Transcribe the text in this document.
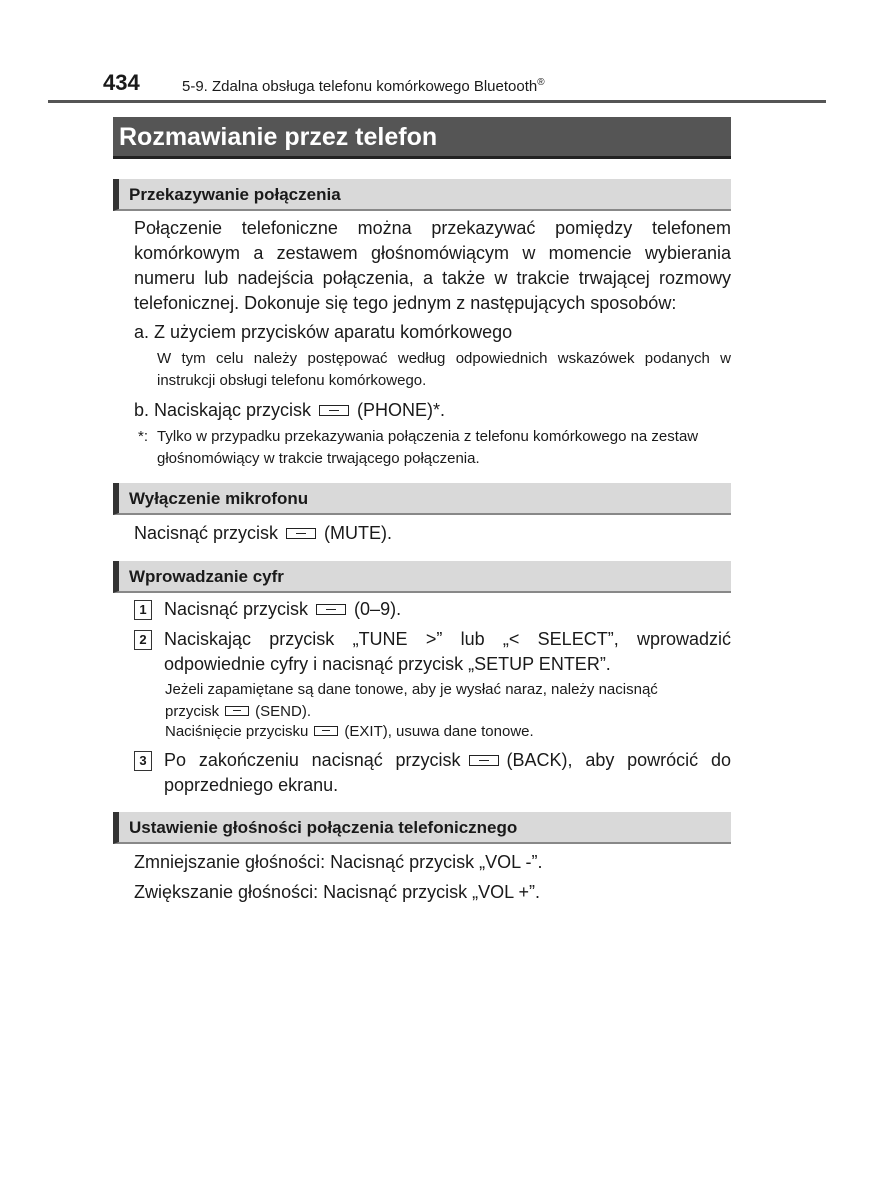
434	5-9. Zdalna obsługa telefonu komórkowego Bluetooth®
Rozmawianie przez telefon
Przekazywanie połączenia
Połączenie telefoniczne można przekazywać pomiędzy telefonem komórkowym a zestawem głośnomówiącym w momencie wybierania numeru lub nadejścia połączenia, a także w trakcie trwającej rozmowy telefonicznej. Dokonuje się tego jednym z następujących sposobów:
a. Z użyciem przycisków aparatu komórkowego
W tym celu należy postępować według odpowiednich wskazówek podanych w instrukcji obsługi telefonu komórkowego.
b. Naciskając przycisk	(PHONE)*.
*: Tylko w przypadku przekazywania połączenia z telefonu komórkowego na zestaw głośnomówiący w trakcie trwającego połączenia.
Wyłączenie mikrofonu
Nacisnąć przycisk	(MUTE).
Wprowadzanie cyfr
1 Nacisnąć przycisk	(0–9).
2 Naciskając przycisk „TUNE >” lub „< SELECT”, wprowadzić odpowiednie cyfry i nacisnąć przycisk „SETUP ENTER”.
Jeżeli zapamiętane są dane tonowe, aby je wysłać naraz, należy nacisnąć
przycisk (SEND).
Naciśnięcie przycisku (EXIT), usuwa dane tonowe.
3 Po zakończeniu nacisnąć przycisk	(BACK), aby powrócić do poprzedniego ekranu.
Ustawienie głośności połączenia telefonicznego
Zmniejszanie głośności: Nacisnąć przycisk „VOL -”.
Zwiększanie głośności: Nacisnąć przycisk „VOL +”.
